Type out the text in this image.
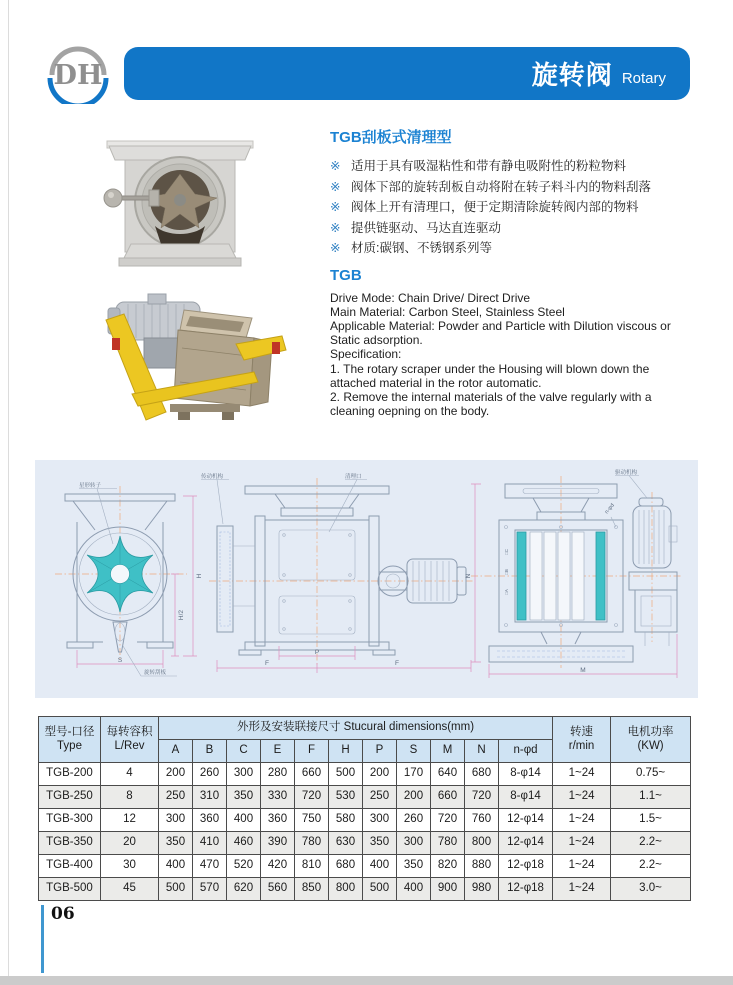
DH	旋转阀 Rotary
TGB刮板式清理型
※ 适用于具有吸湿粘性和带有静电吸附性的粉粒物料
※ 阀体下部的旋转刮板自动将附在转子料斗内的物料刮落
※ 阀体上开有清理口，便于定期清除旋转阀内部的物料
※ 提供链驱动、马达直连驱动
※ 材质:碳钢、不锈钢系列等
TGB
Drive Mode: Chain Drive/ Direct Drive
Main Material: Carbon Steel, Stainless Steel
Applicable Material: Powder and Particle with Dilution viscous or
Static adsorption.
Specification:
1. The rotary scraper under the Housing will blown down the
attached material in the rotor automatic.
2. Remove the internal materials of the valve regularly with a
cleaning oepning on the body.
H
H/2
S
星形转子
旋转刮板
P
F	F
传动机构	清理口
N
M
□C
□B
□A
n-φd
驱动机构
型号-口径
Type

每转容积
L/Rev
	外形及安装联接尺寸 Stucural dimensions(mm)	转速
r/min

电机功率
(KW)

		A	B	C	E	F	H	P	S	M	N	n-φd		
TGB-200	4	200	260	300	280	660	500	200	170	640	680	8-φ14	1~24	0.75~
TGB-250	8	250	310	350	330	720	530	250	200	660	720	8-φ14	1~24	1.1~
TGB-300	12	300	360	400	360	750	580	300	260	720	760	12-φ14	1~24	1.5~
TGB-350	20	350	410	460	390	780	630	350	300	780	800	12-φ14	1~24	2.2~
TGB-400	30	400	470	520	420	810	680	400	350	820	880	12-φ18	1~24	2.2~
TGB-500	45	500	570	620	560	850	800	500	400	900	980	12-φ18	1~24	3.0~
06
